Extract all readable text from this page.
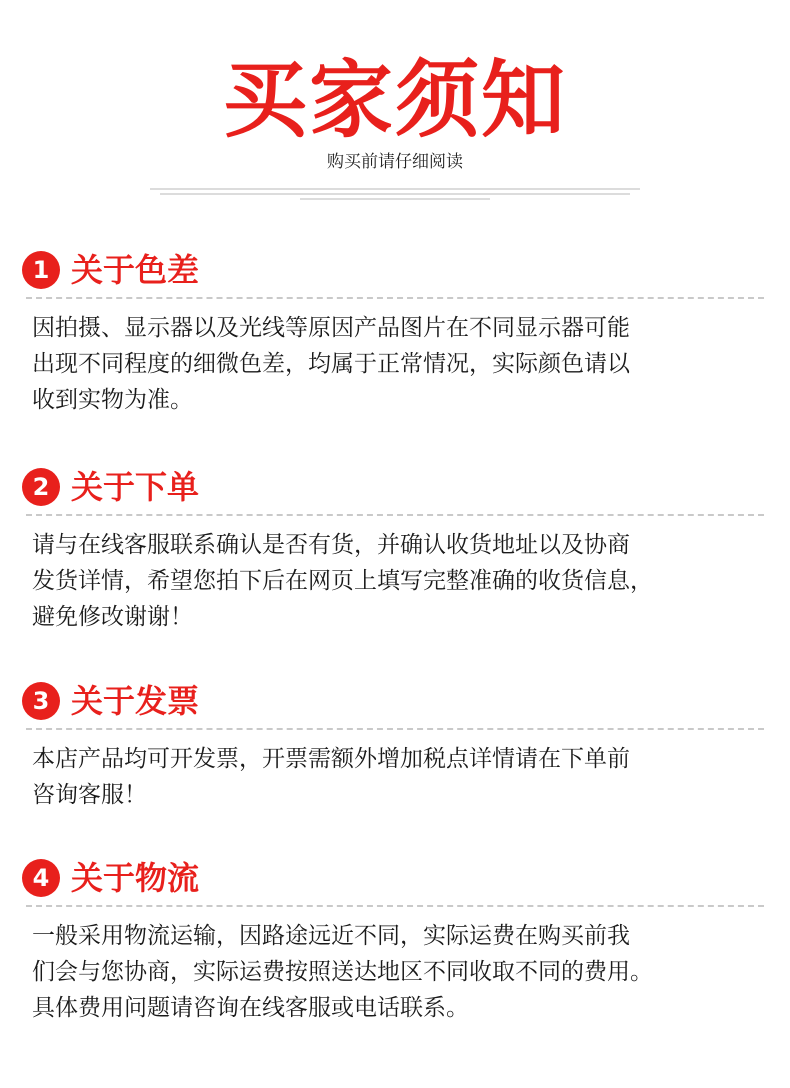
买家须知
购买前请仔细阅读
1 关于色差
因拍摄、显示器以及光线等原因产品图片在不同显示器可能
出现不同程度的细微色差，均属于正常情况，实际颜色请以
收到实物为准。
2 关于下单
请与在线客服联系确认是否有货，并确认收货地址以及协商
发货详情，希望您拍下后在网页上填写完整准确的收货信息，
避免修改谢谢！
3 关于发票
本店产品均可开发票，开票需额外增加税点详情请在下单前
咨询客服！
4 关于物流
一般采用物流运输，因路途远近不同，实际运费在购买前我
们会与您协商，实际运费按照送达地区不同收取不同的费用。
具体费用问题请咨询在线客服或电话联系。
